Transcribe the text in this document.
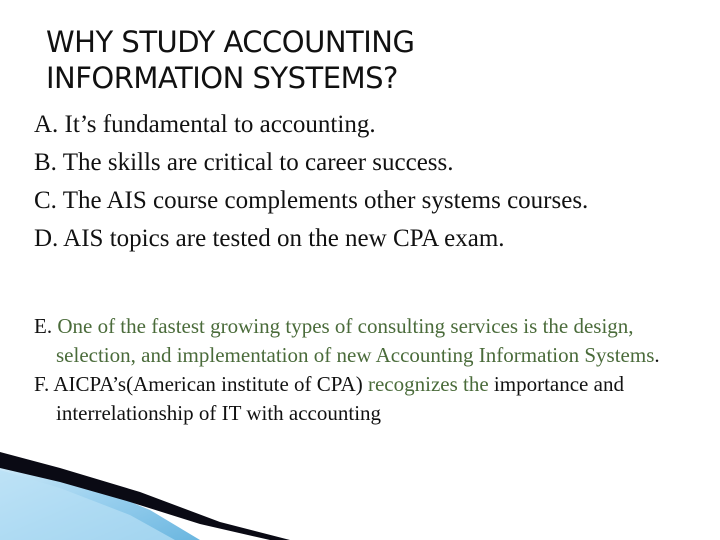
WHY STUDY ACCOUNTING
INFORMATION SYSTEMS?
A. It’s fundamental to accounting.
B. The skills are critical to career success.
C. The AIS course complements other systems courses.
D. AIS topics are tested on the new CPA exam.
E. One of the fastest growing types of consulting services is the design, selection, and implementation of new Accounting Information Systems.
F. AICPA’s(American institute of CPA) recognizes the importance and interrelationship of IT with accounting
